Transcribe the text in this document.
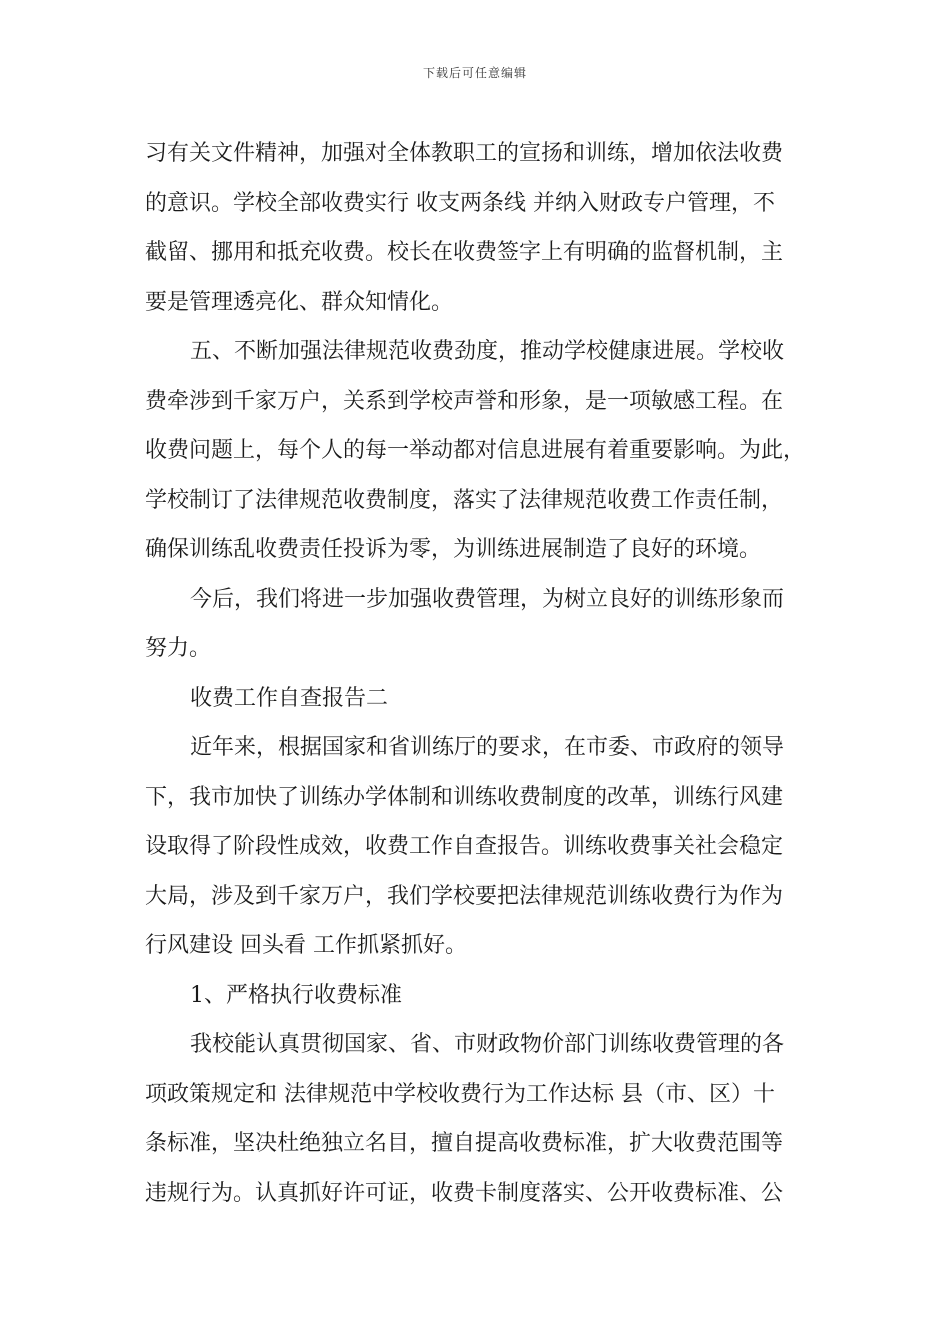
下载后可任意编辑
习有关文件精神，加强对全体教职工的宣扬和训练，增加依法收费
的意识。学校全部收费实行 收支两条线 并纳入财政专户管理，不
截留、挪用和抵充收费。校长在收费签字上有明确的监督机制，主
要是管理透亮化、群众知情化。
五、不断加强法律规范收费劲度，推动学校健康进展。学校收
费牵涉到千家万户，关系到学校声誉和形象，是一项敏感工程。在
收费问题上，每个人的每一举动都对信息进展有着重要影响。为此，
学校制订了法律规范收费制度，落实了法律规范收费工作责任制，
确保训练乱收费责任投诉为零，为训练进展制造了良好的环境。
今后，我们将进一步加强收费管理，为树立良好的训练形象而
努力。
收费工作自查报告二
近年来，根据国家和省训练厅的要求，在市委、市政府的领导
下，我市加快了训练办学体制和训练收费制度的改革，训练行风建
设取得了阶段性成效，收费工作自查报告。训练收费事关社会稳定
大局，涉及到千家万户，我们学校要把法律规范训练收费行为作为
行风建设 回头看 工作抓紧抓好。
1、严格执行收费标准
我校能认真贯彻国家、省、市财政物价部门训练收费管理的各
项政策规定和 法律规范中学校收费行为工作达标 县（市、区）十
条标准，坚决杜绝独立名目，擅自提高收费标准，扩大收费范围等
违规行为。认真抓好许可证，收费卡制度落实、公开收费标准、公
